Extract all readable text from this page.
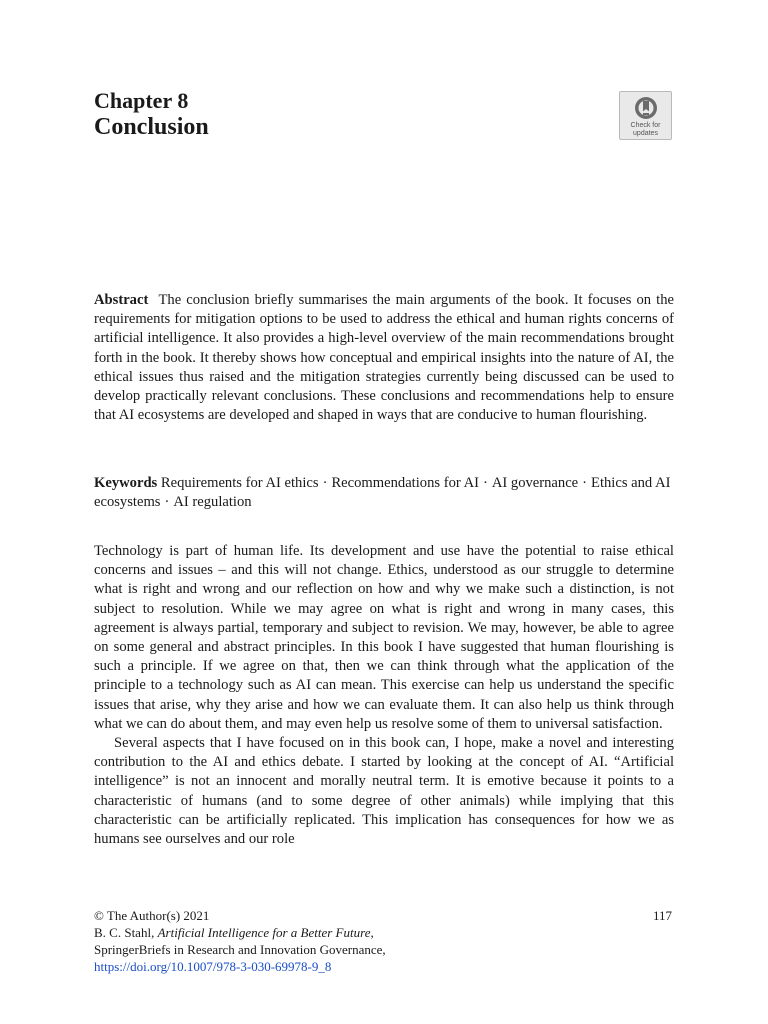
Chapter 8
Conclusion	Check for
updates

Abstract The conclusion briefly summarises the main arguments of the book. It focuses on the requirements for mitigation options to be used to address the ethical and human rights concerns of artificial intelligence. It also provides a high-level overview of the main recommendations brought forth in the book. It thereby shows how conceptual and empirical insights into the nature of AI, the ethical issues thus raised and the mitigation strategies currently being discussed can be used to develop practically relevant conclusions. These conclusions and recommendations help to ensure that AI ecosystems are developed and shaped in ways that are conducive to human flourishing.

Keywords Requirements for AI ethics · Recommendations for AI · AI governance · Ethics and AI ecosystems · AI regulation

Technology is part of human life. Its development and use have the potential to raise ethical concerns and issues – and this will not change. Ethics, understood as our struggle to determine what is right and wrong and our reflection on how and why we make such a distinction, is not subject to resolution. While we may agree on what is right and wrong in many cases, this agreement is always partial, temporary and subject to revision. We may, however, be able to agree on some general and abstract principles. In this book I have suggested that human flourishing is such a principle. If we agree on that, then we can think through what the application of the principle to a technology such as AI can mean. This exercise can help us understand the specific issues that arise, why they arise and how we can evaluate them. It can also help us think through what we can do about them, and may even help us resolve some of them to universal satisfaction.

Several aspects that I have focused on in this book can, I hope, make a novel and interesting contribution to the AI and ethics debate. I started by looking at the concept of AI. “Artificial intelligence” is not an innocent and morally neutral term. It is emotive because it points to a characteristic of humans (and to some degree of other animals) while implying that this characteristic can be artificially replicated. This implication has consequences for how we as humans see ourselves and our role

© The Author(s) 2021	117
B. C. Stahl, Artificial Intelligence for a Better Future,
SpringerBriefs in Research and Innovation Governance,
https://doi.org/10.1007/978-3-030-69978-9_8
